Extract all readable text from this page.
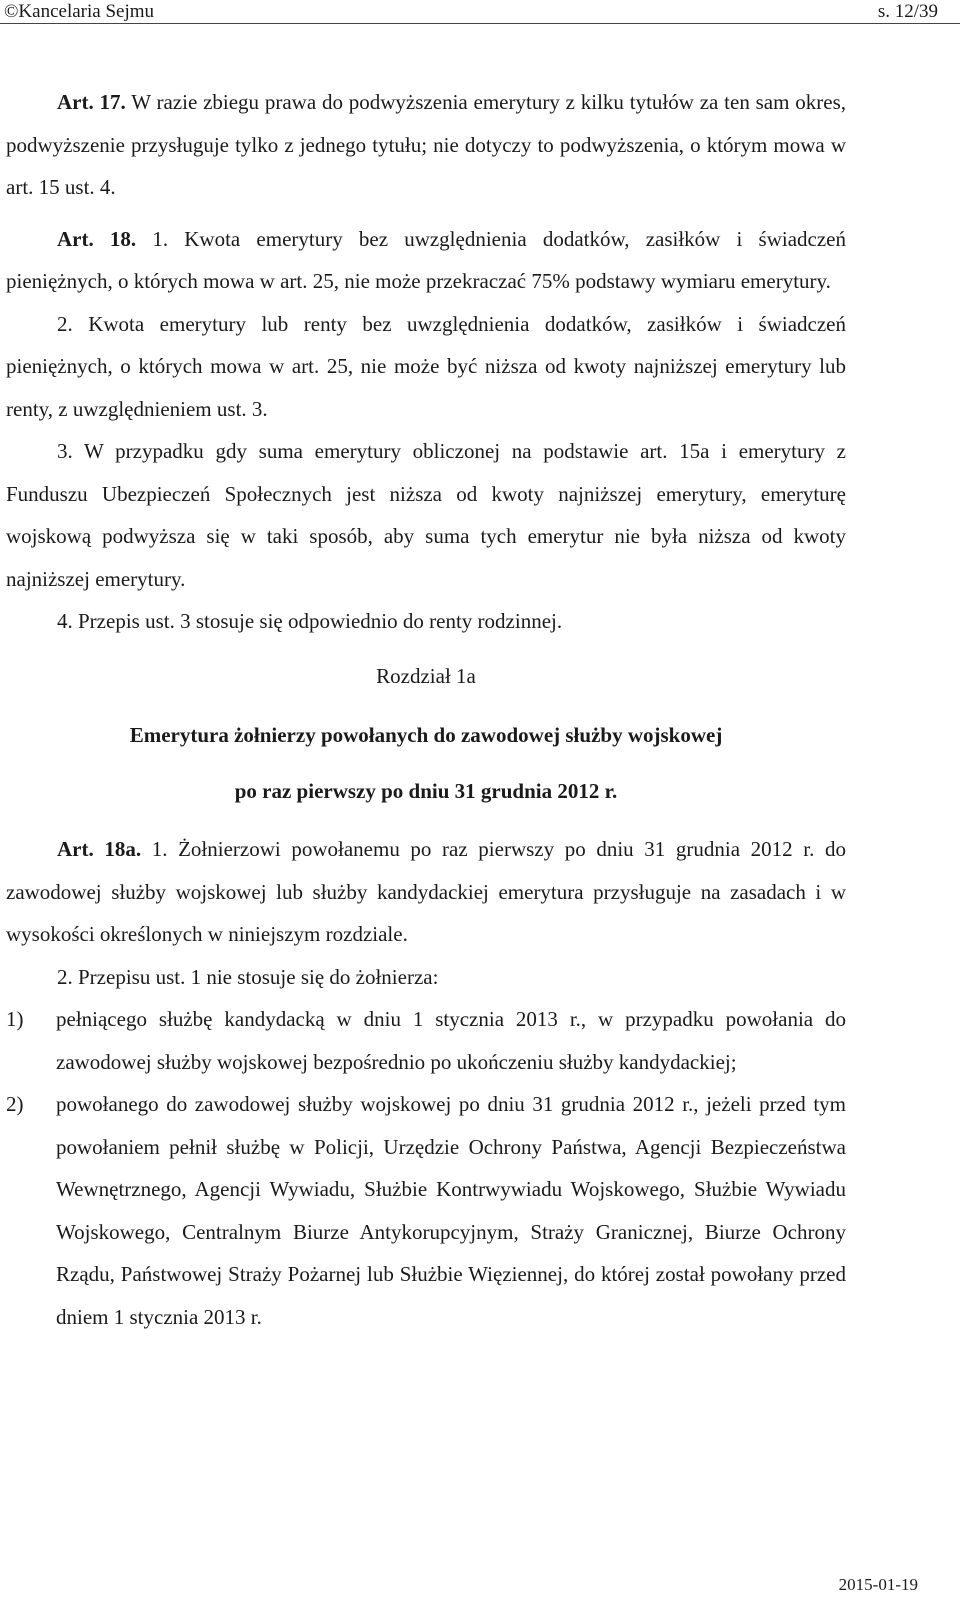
©Kancelaria Sejmu	s. 12/39

Art. 17. W razie zbiegu prawa do podwyższenia emerytury z kilku tytułów za ten sam okres, podwyższenie przysługuje tylko z jednego tytułu; nie dotyczy to podwyższenia, o którym mowa w art. 15 ust. 4.

Art. 18. 1. Kwota emerytury bez uwzględnienia dodatków, zasiłków i świadczeń pieniężnych, o których mowa w art. 25, nie może przekraczać 75% podstawy wymiaru emerytury.

2. Kwota emerytury lub renty bez uwzględnienia dodatków, zasiłków i świadczeń pieniężnych, o których mowa w art. 25, nie może być niższa od kwoty najniższej emerytury lub renty, z uwzględnieniem ust. 3.

3. W przypadku gdy suma emerytury obliczonej na podstawie art. 15a i emerytury z Funduszu Ubezpieczeń Społecznych jest niższa od kwoty najniższej emerytury, emeryturę wojskową podwyższa się w taki sposób, aby suma tych emerytur nie była niższa od kwoty najniższej emerytury.

4. Przepis ust. 3 stosuje się odpowiednio do renty rodzinnej.

Rozdział 1a

Emerytura żołnierzy powołanych do zawodowej służby wojskowej

po raz pierwszy po dniu 31 grudnia 2012 r.

Art. 18a. 1. Żołnierzowi powołanemu po raz pierwszy po dniu 31 grudnia 2012 r. do zawodowej służby wojskowej lub służby kandydackiej emerytura przysługuje na zasadach i w wysokości określonych w niniejszym rozdziale.

2. Przepisu ust. 1 nie stosuje się do żołnierza:

1)	pełniącego służbę kandydacką w dniu 1 stycznia 2013 r., w przypadku powołania do zawodowej służby wojskowej bezpośrednio po ukończeniu służby kandydackiej;
2)	powołanego do zawodowej służby wojskowej po dniu 31 grudnia 2012 r., jeżeli przed tym powołaniem pełnił służbę w Policji, Urzędzie Ochrony Państwa, Agencji Bezpieczeństwa Wewnętrznego, Agencji Wywiadu, Służbie Kontrwywiadu Wojskowego, Służbie Wywiadu Wojskowego, Centralnym Biurze Antykorupcyjnym, Straży Granicznej, Biurze Ochrony Rządu, Państwowej Straży Pożarnej lub Służbie Więziennej, do której został powołany przed dniem 1 stycznia 2013 r.
2015-01-19
